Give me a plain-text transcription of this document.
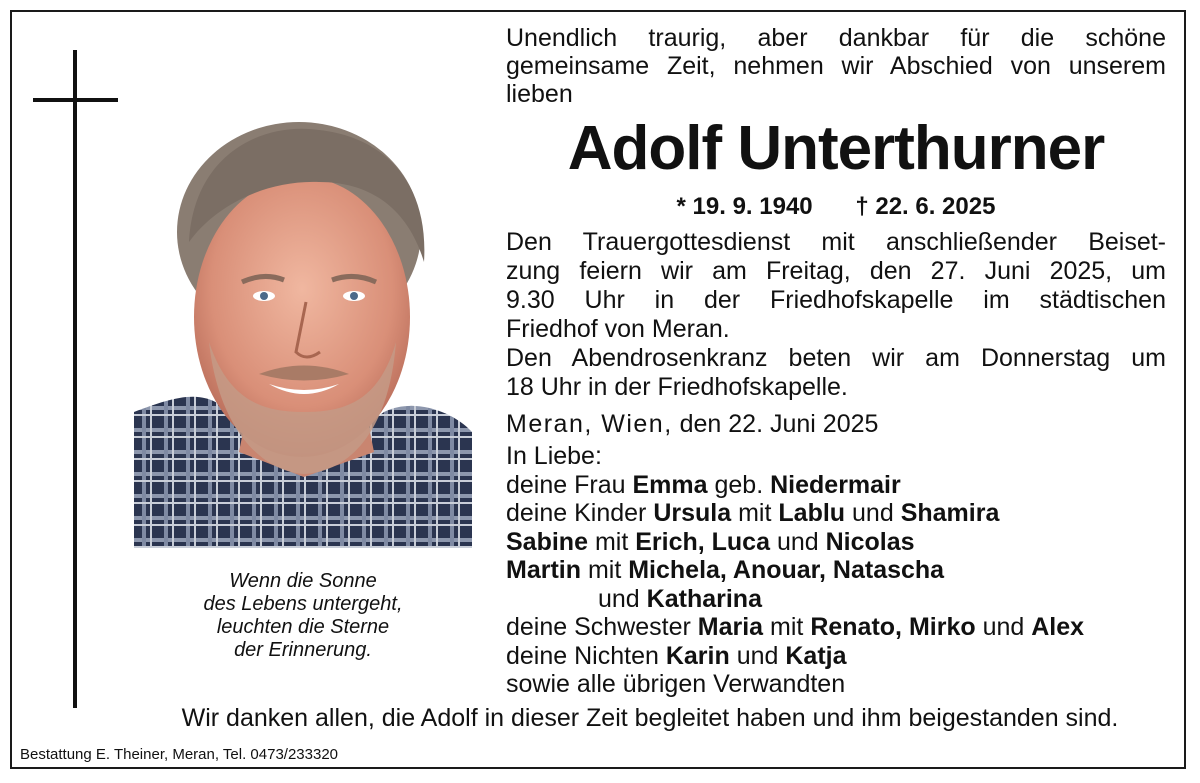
Wenn die Sonne
des Lebens untergeht,
leuchten die Sterne
der Erinnerung.
Unendlich traurig, aber dankbar für die schöne
gemeinsame Zeit, nehmen wir Abschied von unserem
lieben
Adolf Unterthurner
* 19. 9. 1940 † 22. 6. 2025
Den Trauergottesdienst mit anschließender Beiset-
zung feiern wir am Freitag, den 27. Juni 2025, um
9.30 Uhr in der Friedhofskapelle im städtischen
Friedhof von Meran.
Den Abendrosenkranz beten wir am Donnerstag um
18 Uhr in der Friedhofskapelle.
Meran, Wien, den 22. Juni 2025
In Liebe:
deine Frau Emma geb. Niedermair
deine Kinder Ursula mit Lablu und Shamira
Sabine mit Erich, Luca und Nicolas
Martin mit Michela, Anouar, Natascha
und Katharina
deine Schwester Maria mit Renato, Mirko und Alex
deine Nichten Karin und Katja
sowie alle übrigen Verwandten
Wir danken allen, die Adolf in dieser Zeit begleitet haben und ihm beigestanden sind.
Bestattung E. Theiner, Meran, Tel. 0473/233320
